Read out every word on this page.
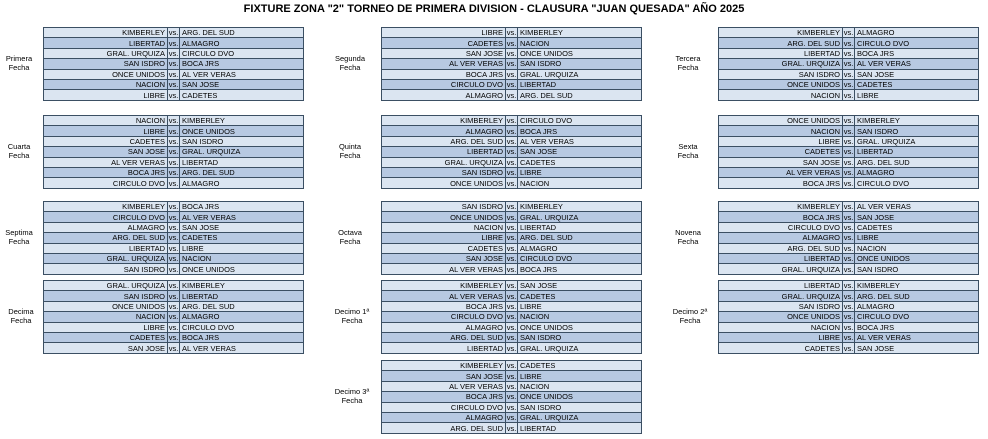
FIXTURE ZONA "2" TORNEO DE PRIMERA DIVISION - CLAUSURA "JUAN QUESADA" AÑO 2025
Primera
Fecha
KIMBERLEY	vs.	ARG. DEL SUD
LIBERTAD	vs.	ALMAGRO
GRAL. URQUIZA	vs.	CIRCULO DVO
SAN ISDRO	vs.	BOCA JRS
ONCE UNIDOS	vs.	AL VER VERAS
NACION	vs.	SAN JOSE
LIBRE	vs.	CADETES
Segunda
Fecha
LIBRE	vs.	KIMBERLEY
CADETES	vs.	NACION
SAN JOSE	vs.	ONCE UNIDOS
AL VER VERAS	vs.	SAN ISDRO
BOCA JRS	vs.	GRAL. URQUIZA
CIRCULO DVO	vs.	LIBERTAD
ALMAGRO	vs.	ARG. DEL SUD
Tercera
Fecha
KIMBERLEY	vs.	ALMAGRO
ARG. DEL SUD	vs.	CIRCULO DVO
LIBERTAD	vs.	BOCA JRS
GRAL. URQUIZA	vs.	AL VER VERAS
SAN ISDRO	vs.	SAN JOSE
ONCE UNIDOS	vs.	CADETES
NACION	vs.	LIBRE
Cuarta
Fecha
NACION	vs.	KIMBERLEY
LIBRE	vs.	ONCE UNIDOS
CADETES	vs.	SAN ISDRO
SAN JOSE	vs.	GRAL. URQUIZA
AL VER VERAS	vs.	LIBERTAD
BOCA JRS	vs.	ARG. DEL SUD
CIRCULO DVO	vs.	ALMAGRO
Quinta
Fecha
KIMBERLEY	vs.	CIRCULO DVO
ALMAGRO	vs.	BOCA JRS
ARG. DEL SUD	vs.	AL VER VERAS
LIBERTAD	vs.	SAN JOSE
GRAL. URQUIZA	vs.	CADETES
SAN ISDRO	vs.	LIBRE
ONCE UNIDOS	vs.	NACION
Sexta
Fecha
ONCE UNIDOS	vs.	KIMBERLEY
NACION	vs.	SAN ISDRO
LIBRE	vs.	GRAL. URQUIZA
CADETES	vs.	LIBERTAD
SAN JOSE	vs.	ARG. DEL SUD
AL VER VERAS	vs.	ALMAGRO
BOCA JRS	vs.	CIRCULO DVO
Septima
Fecha
KIMBERLEY	vs.	BOCA JRS
CIRCULO DVO	vs.	AL VER VERAS
ALMAGRO	vs.	SAN JOSE
ARG. DEL SUD	vs.	CADETES
LIBERTAD	vs.	LIBRE
GRAL. URQUIZA	vs.	NACION
SAN ISDRO	vs.	ONCE UNIDOS
Octava
Fecha
SAN ISDRO	vs.	KIMBERLEY
ONCE UNIDOS	vs.	GRAL. URQUIZA
NACION	vs.	LIBERTAD
LIBRE	vs.	ARG. DEL SUD
CADETES	vs.	ALMAGRO
SAN JOSE	vs.	CIRCULO DVO
AL VER VERAS	vs.	BOCA JRS
Novena
Fecha
KIMBERLEY	vs.	AL VER VERAS
BOCA JRS	vs.	SAN JOSE
CIRCULO DVO	vs.	CADETES
ALMAGRO	vs.	LIBRE
ARG. DEL SUD	vs.	NACION
LIBERTAD	vs.	ONCE UNIDOS
GRAL. URQUIZA	vs.	SAN ISDRO
Decima
Fecha
GRAL. URQUIZA	vs.	KIMBERLEY
SAN ISDRO	vs.	LIBERTAD
ONCE UNIDOS	vs.	ARG. DEL SUD
NACION	vs.	ALMAGRO
LIBRE	vs.	CIRCULO DVO
CADETES	vs.	BOCA JRS
SAN JOSE	vs.	AL VER VERAS
Decimo 1ª
Fecha
KIMBERLEY	vs.	SAN JOSE
AL VER VERAS	vs.	CADETES
BOCA JRS	vs.	LIBRE
CIRCULO DVO	vs.	NACION
ALMAGRO	vs.	ONCE UNIDOS
ARG. DEL SUD	vs.	SAN ISDRO
LIBERTAD	vs.	GRAL. URQUIZA
Decimo 2ª
Fecha
LIBERTAD	vs.	KIMBERLEY
GRAL. URQUIZA	vs.	ARG. DEL SUD
SAN ISDRO	vs.	ALMAGRO
ONCE UNIDOS	vs.	CIRCULO DVO
NACION	vs.	BOCA JRS
LIBRE	vs.	AL VER VERAS
CADETES	vs.	SAN JOSE
Decimo 3ª
Fecha
KIMBERLEY	vs.	CADETES
SAN JOSE	vs.	LIBRE
AL VER VERAS	vs.	NACION
BOCA JRS	vs.	ONCE UNIDOS
CIRCULO DVO	vs.	SAN ISDRO
ALMAGRO	vs.	GRAL. URQUIZA
ARG. DEL SUD	vs.	LIBERTAD
